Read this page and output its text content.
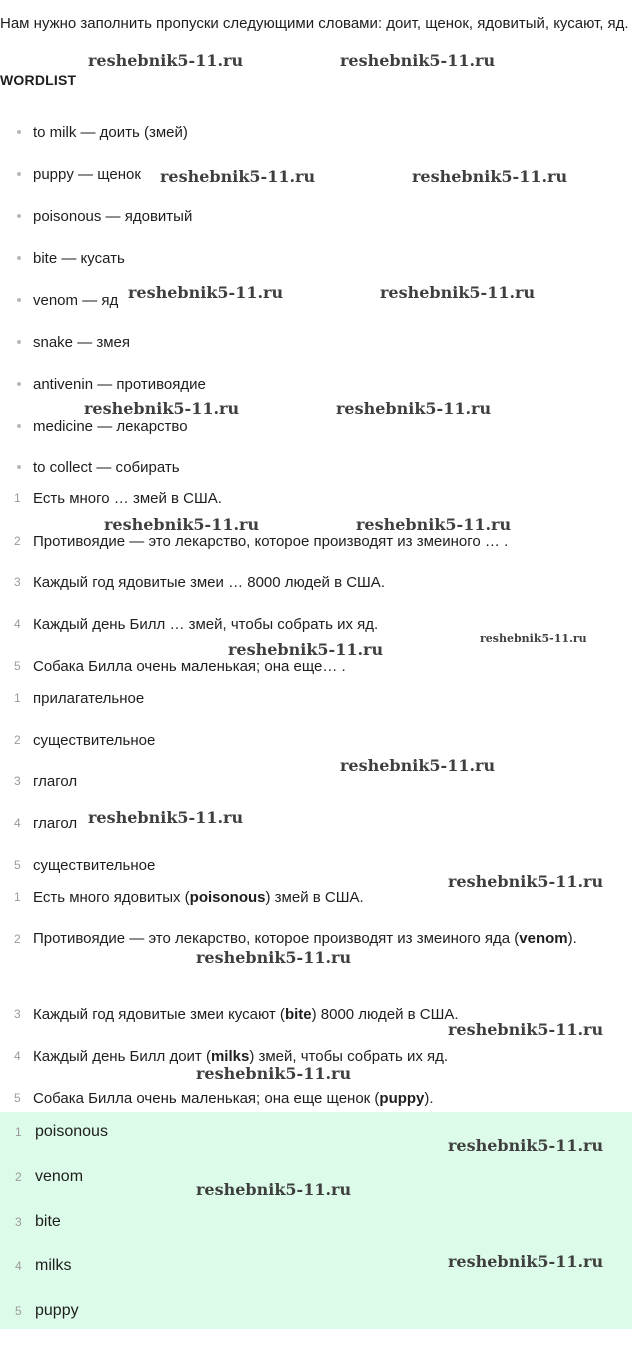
Нам нужно заполнить пропуски следующими словами: доит, щенок, ядовитый, кусают, яд.
WORDLIST
to milk — доить (змей)
puppy — щенок
poisonous — ядовитый
bite — кусать
venom — яд
snake — змея
antivenin — противоядие
medicine — лекарство
to collect — собирать
1 Есть много … змей в США.
2 Противоядие — это лекарство, которое производят из змеиного … .
3 Каждый год ядовитые змеи … 8000 людей в США.
4 Каждый день Билл … змей, чтобы собрать их яд.
5 Собака Билла очень маленькая; она еще… .
1 прилагательное
2 существительное
3 глагол
4 глагол
5 существительное
1 Есть много ядовитых (poisonous) змей в США.
2 Противоядие — это лекарство, которое производят из змеиного яда (venom).
3 Каждый год ядовитые змеи кусают (bite) 8000 людей в США.
4 Каждый день Билл доит (milks) змей, чтобы собрать их яд.
5 Собака Билла очень маленькая; она еще щенок (puppy).
1 poisonous
2 venom
3 bite
4 milks
5 puppy
reshebnik5-11.ru	reshebnik5-11.ru
reshebnik5-11.ru	reshebnik5-11.ru
reshebnik5-11.ru	reshebnik5-11.ru
reshebnik5-11.ru	reshebnik5-11.ru
reshebnik5-11.ru	reshebnik5-11.ru
reshebnik5-11.ru
reshebnik5-11.ru
reshebnik5-11.ru
reshebnik5-11.ru
reshebnik5-11.ru
reshebnik5-11.ru
reshebnik5-11.ru
reshebnik5-11.ru
reshebnik5-11.ru
reshebnik5-11.ru
reshebnik5-11.ru
